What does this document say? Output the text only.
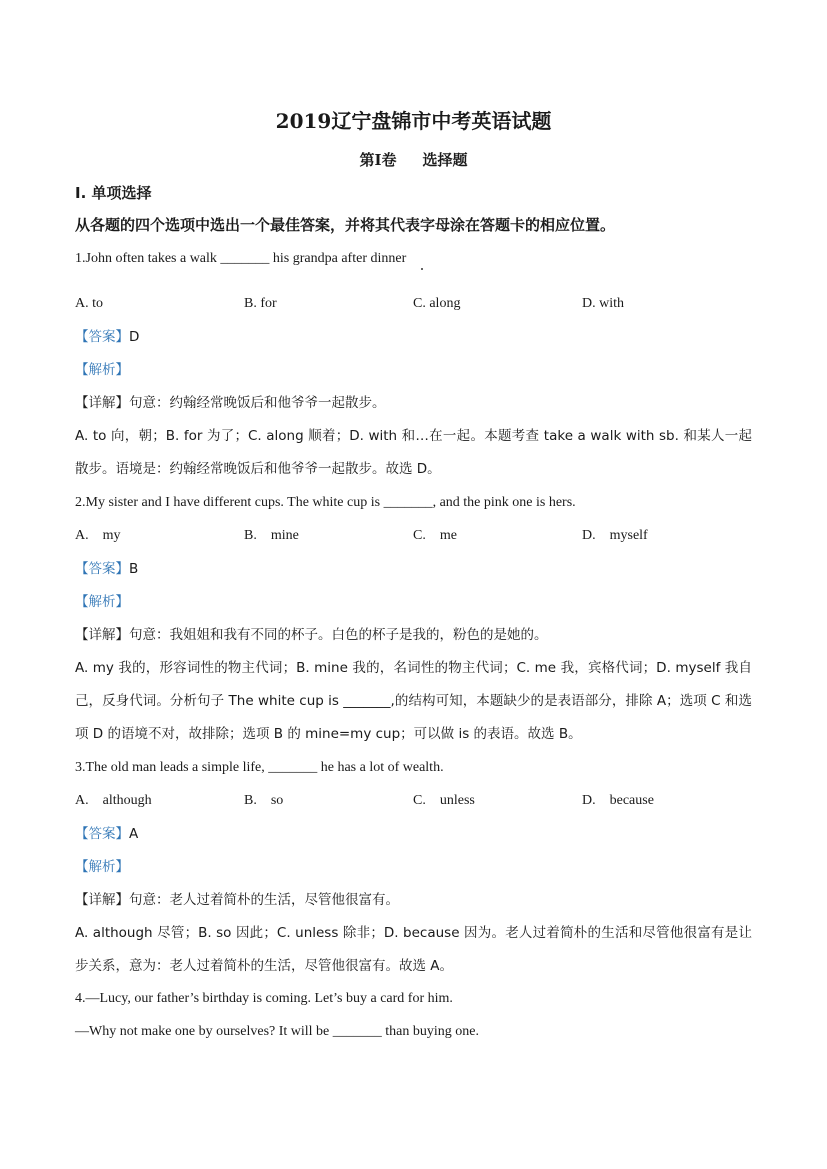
2019辽宁盘锦市中考英语试题
第Ⅰ卷 选择题
Ⅰ. 单项选择
从各题的四个选项中选出一个最佳答案，并将其代表字母涂在答题卡的相应位置。
1.John often takes a walk _______ his grandpa after dinner
A. to	B. for	C. along	D. with
【答案】D
【解析】
【详解】句意：约翰经常晚饭后和他爷爷一起散步。
A. to 向，朝；B. for 为了；C. along 顺着；D. with 和…在一起。本题考查 take a walk with sb. 和某人一起散步。语境是：约翰经常晚饭后和他爷爷一起散步。故选 D。
2.My sister and I have different cups. The white cup is _______, and the pink one is hers.
A.　my	B.　mine	C.　me	D.　myself
【答案】B
【解析】
【详解】句意：我姐姐和我有不同的杯子。白色的杯子是我的，粉色的是她的。
A. my 我的，形容词性的物主代词；B. mine 我的，名词性的物主代词；C. me 我，宾格代词；D. myself 我自己，反身代词。分析句子 The white cup is _______,的结构可知，本题缺少的是表语部分，排除 A；选项 C 和选项 D 的语境不对，故排除；选项 B 的 mine=my cup；可以做 is 的表语。故选 B。
3.The old man leads a simple life, _______ he has a lot of wealth.
A.　although	B.　so	C.　unless	D.　because
【答案】A
【解析】
【详解】句意：老人过着简朴的生活，尽管他很富有。
A. although 尽管；B. so 因此；C. unless 除非；D. because 因为。老人过着简朴的生活和尽管他很富有是让步关系，意为：老人过着简朴的生活，尽管他很富有。故选 A。
4.—Lucy, our father’s birthday is coming. Let’s buy a card for him.
—Why not make one by ourselves? It will be _______ than buying one.
